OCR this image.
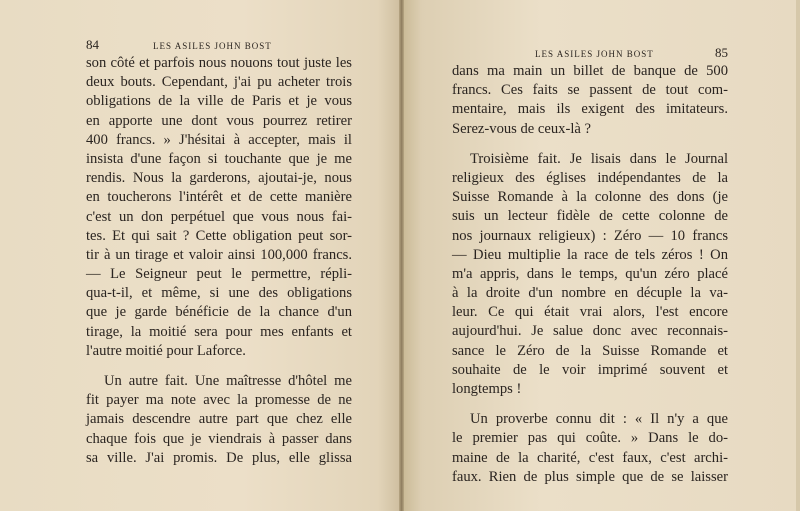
84	LES ASILES JOHN BOST
son côté et parfois nous nouons tout juste les
deux bouts. Cependant, j'ai pu acheter trois
obligations de la ville de Paris et je vous
en apporte une dont vous pourrez retirer
400 francs. » J'hésitai à accepter, mais il
insista d'une façon si touchante que je me
rendis. Nous la garderons, ajoutai-je, nous
en toucherons l'intérêt et de cette manière
c'est un don perpétuel que vous nous fai-
tes. Et qui sait ? Cette obligation peut sor-
tir à un tirage et valoir ainsi 100,000 francs.
— Le Seigneur peut le permettre, répli-
qua-t-il, et même, si une des obligations
que je garde bénéficie de la chance d'un
tirage, la moitié sera pour mes enfants et
l'autre moitié pour Laforce.
Un autre fait. Une maîtresse d'hôtel me
fit payer ma note avec la promesse de ne
jamais descendre autre part que chez elle
chaque fois que je viendrais à passer dans
sa ville. J'ai promis. De plus, elle glissa
LES ASILES JOHN BOST	85
dans ma main un billet de banque de 500
francs. Ces faits se passent de tout com-
mentaire, mais ils exigent des imitateurs.
Serez-vous de ceux-là ?
Troisième fait. Je lisais dans le Journal
religieux des églises indépendantes de la
Suisse Romande à la colonne des dons (je
suis un lecteur fidèle de cette colonne de
nos journaux religieux) : Zéro — 10 francs
— Dieu multiplie la race de tels zéros ! On
m'a appris, dans le temps, qu'un zéro placé
à la droite d'un nombre en décuple la va-
leur. Ce qui était vrai alors, l'est encore
aujourd'hui. Je salue donc avec reconnais-
sance le Zéro de la Suisse Romande et
souhaite de le voir imprimé souvent et
longtemps !
Un proverbe connu dit : « Il n'y a que
le premier pas qui coûte. » Dans le do-
maine de la charité, c'est faux, c'est archi-
faux. Rien de plus simple que de se laisser
